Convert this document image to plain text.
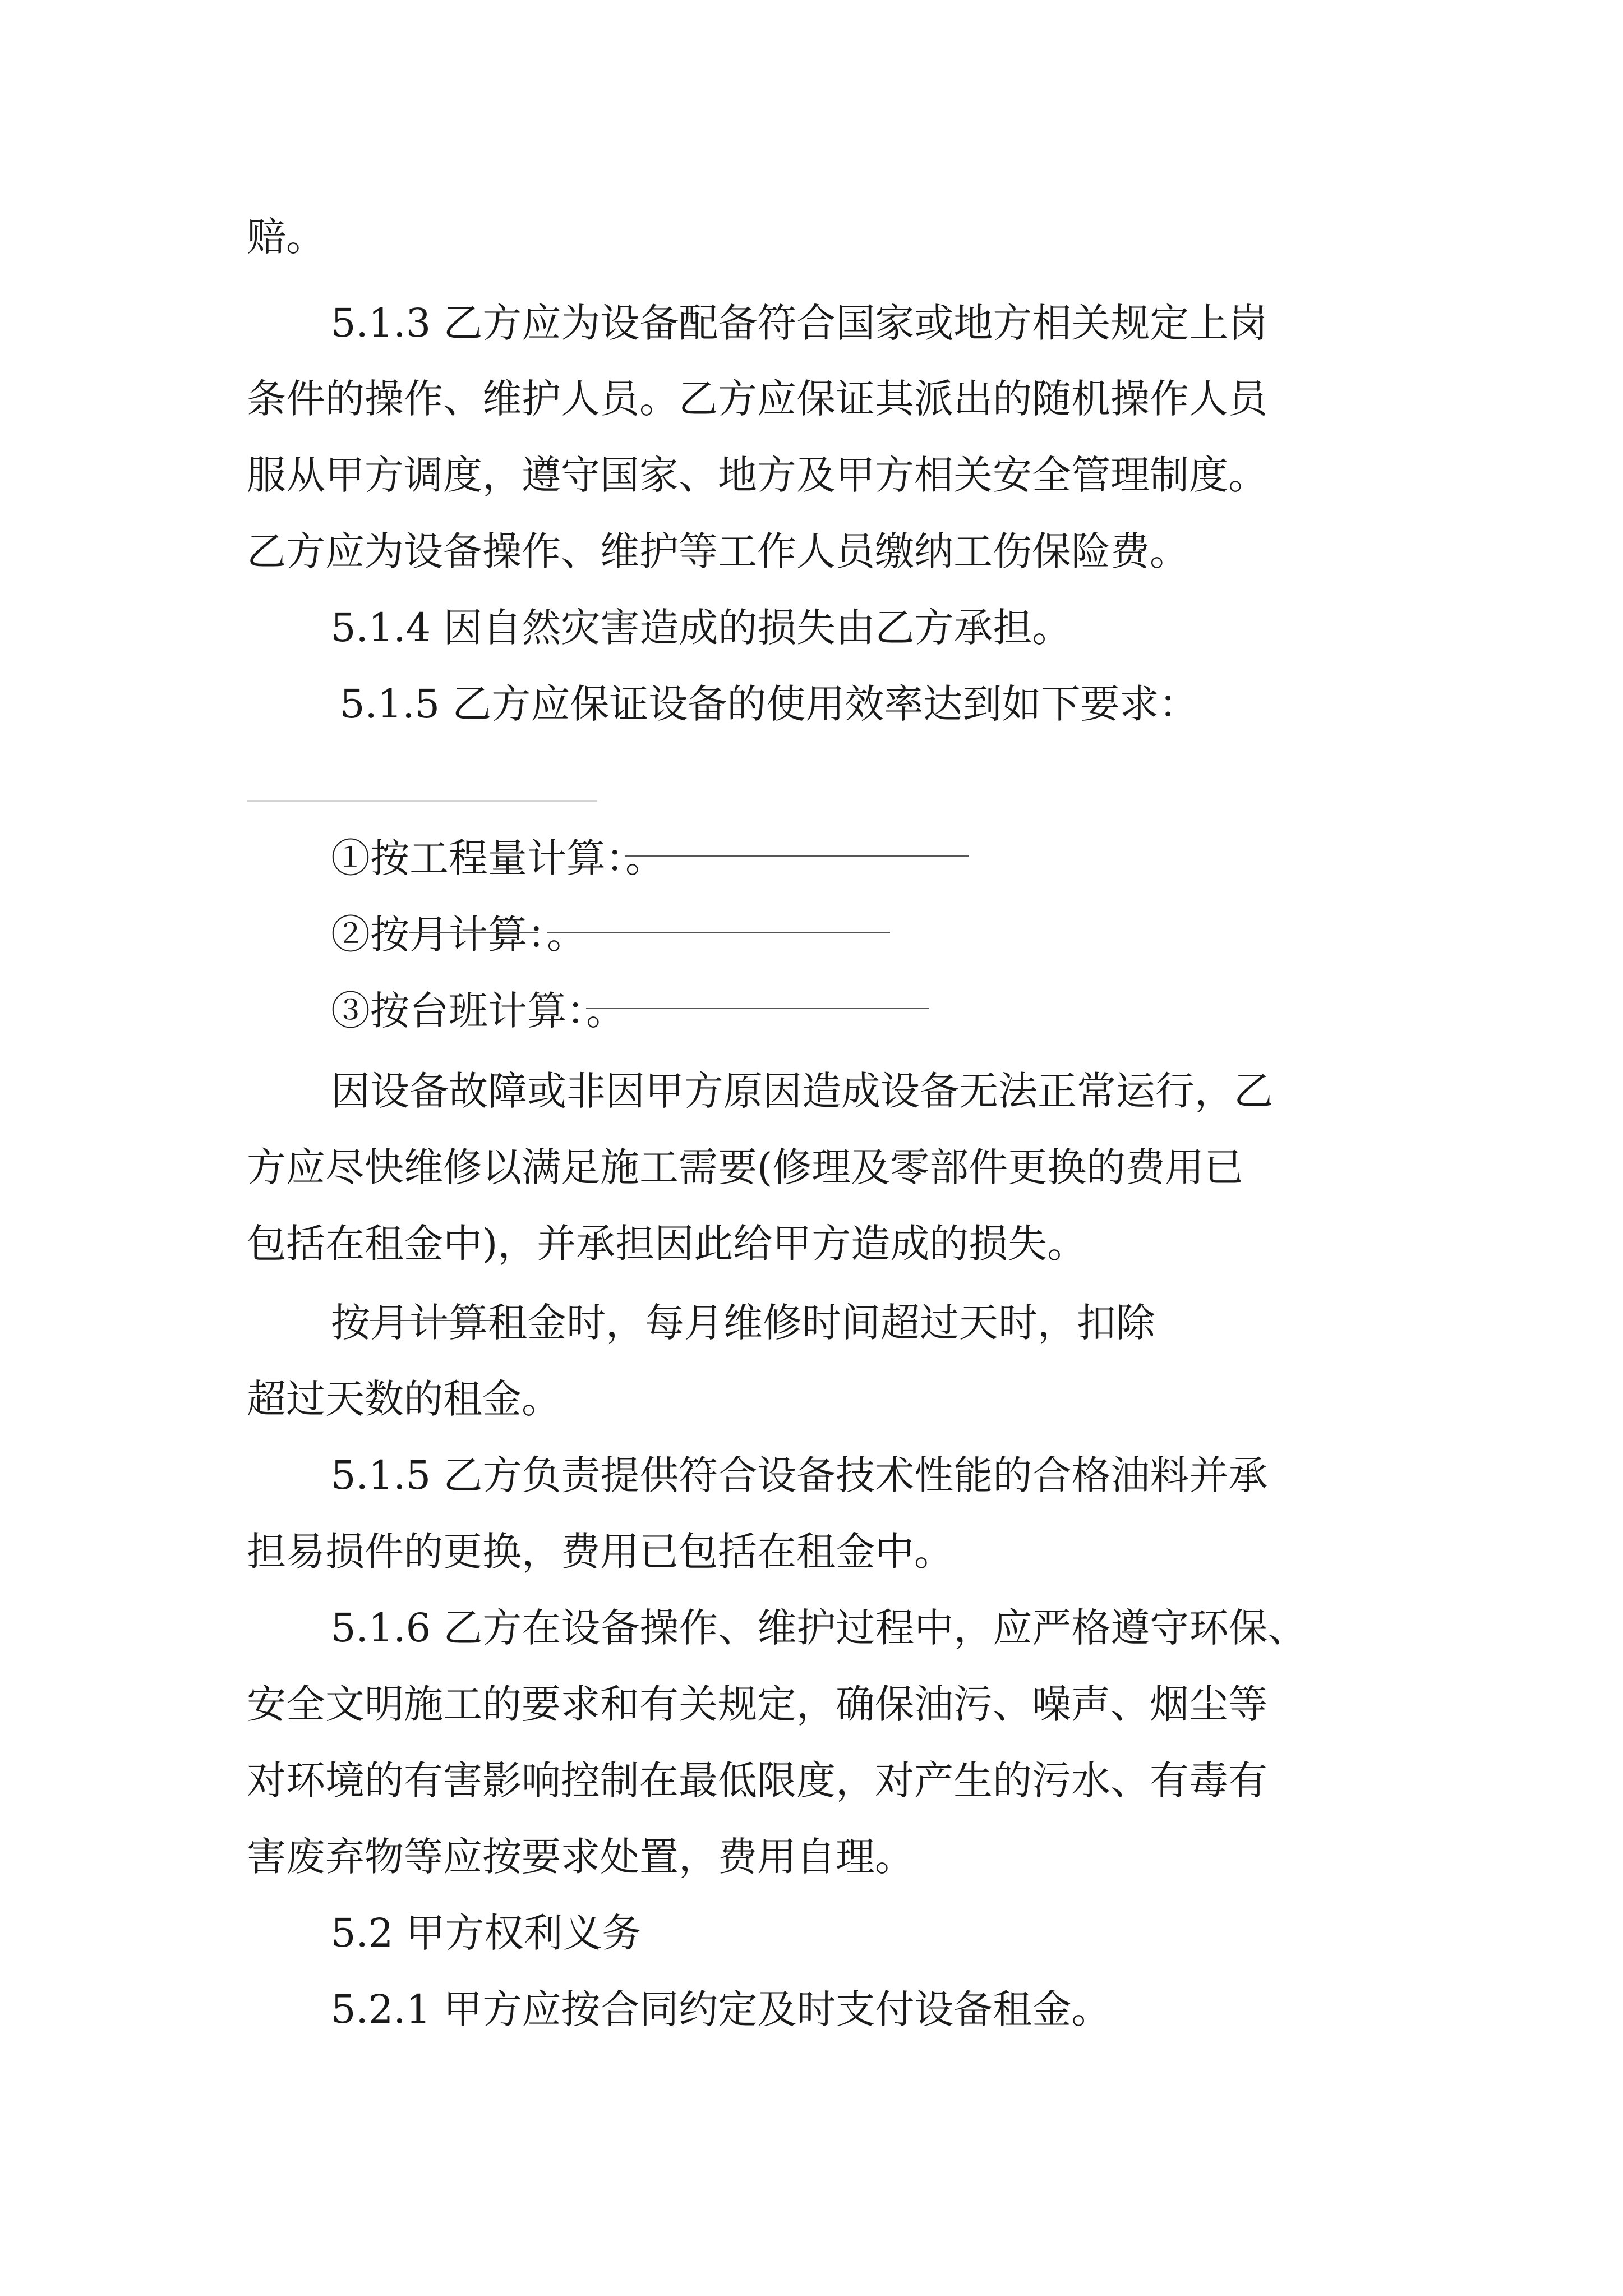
赔。
5.1.3 乙方应为设备配备符合国家或地方相关规定上岗
条件的操作、维护人员。乙方应保证其派出的随机操作人员
服从甲方调度，遵守国家、地方及甲方相关安全管理制度。
乙方应为设备操作、维护等工作人员缴纳工伤保险费。
5.1.4 因自然灾害造成的损失由乙方承担。
5.1.5 乙方应保证设备的使用效率达到如下要求：
①按工程量计算：
。
②按
月计算：
。
③按台班计算：
。
因设备故障或非因甲方原因造成设备无法正常运行，乙
方应尽快维修以满足施工需要(修理及零部件更换的费用已
包括在租金中)，并承担因此给甲方造成的损失。
按
月计算租金时，每月维修时间超过天时，扣除
超过天数的租金。
5.1.5 乙方负责提供符合设备技术性能的合格油料并承
担易损件的更换，费用已包括在租金中。
5.1.6 乙方在设备操作、维护过程中，应严格遵守环保、
安全文明施工的要求和有关规定，确保油污、噪声、烟尘等
对环境的有害影响控制在最低限度，对产生的污水、有毒有
害废弃物等应按要求处置，费用自理。
5.2 甲方权利义务
5.2.1 甲方应按合同约定及时支付设备租金。
